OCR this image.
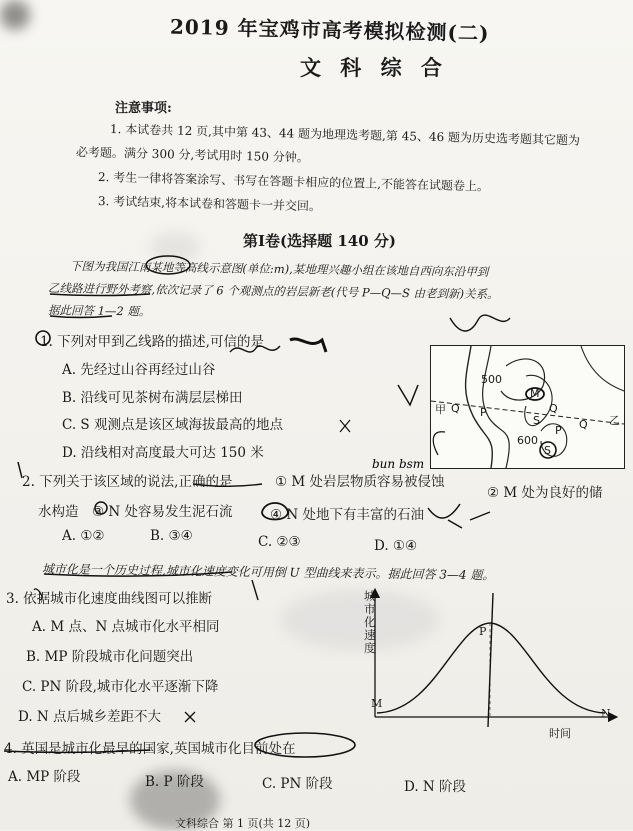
2019 年宝鸡市高考模拟检测(二)
文 科 综 合
注意事项:
1. 本试卷共 12 页,其中第 43、44 题为地理选考题,第 45、46 题为历史选考题其它题为
必考题。满分 300 分,考试用时 150 分钟。
2. 考生一律将答案涂写、书写在答题卡相应的位置上,不能答在试题卷上。
3. 考试结束,将本试卷和答题卡一并交回。
第Ⅰ卷(选择题 140 分)
下图为我国江南某地等高线示意图(单位:m),某地理兴趣小组在该地自西向东沿甲到
乙线路进行野外考察,依次记录了 6 个观测点的岩层新老(代号 P—Q—S 由老到新)关系。
据此回答 1—2 题。
1. 下列对甲到乙线路的描述,可信的是
A. 先经过山谷再经过山谷
B. 沿线可见茶树布满层层梯田
C. S 观测点是该区域海拔最高的地点
D. 沿线相对高度最大可达 150 米
500
甲 Q P
M
Q
S	Q
P
600
S
乙
2. 下列关于该区域的说法,正确的是	① M 处岩层物质容易被侵蚀
② M 处为良好的储
水构造 ③ N 处容易发生泥石流	④ N 处地下有丰富的石油
A. ①②	B. ③④	C. ②③	D. ①④
城市化是一个历史过程,城市化速度变化可用倒 U 型曲线来表示。据此回答 3—4 题。
3. 依据城市化速度曲线图可以推断
A. M 点、N 点城市化水平相同
B. MP 阶段城市化问题突出
C. PN 阶段,城市化水平逐渐下降
D. N 点后城乡差距不大
P
M
N
时间
城市化速度
4. 英国是城市化最早的国家,英国城市化目前处在
A. MP 阶段	B. P 阶段	C. PN 阶段	D. N 阶段
文科综合 第 1 页(共 12 页)
bun bsm
